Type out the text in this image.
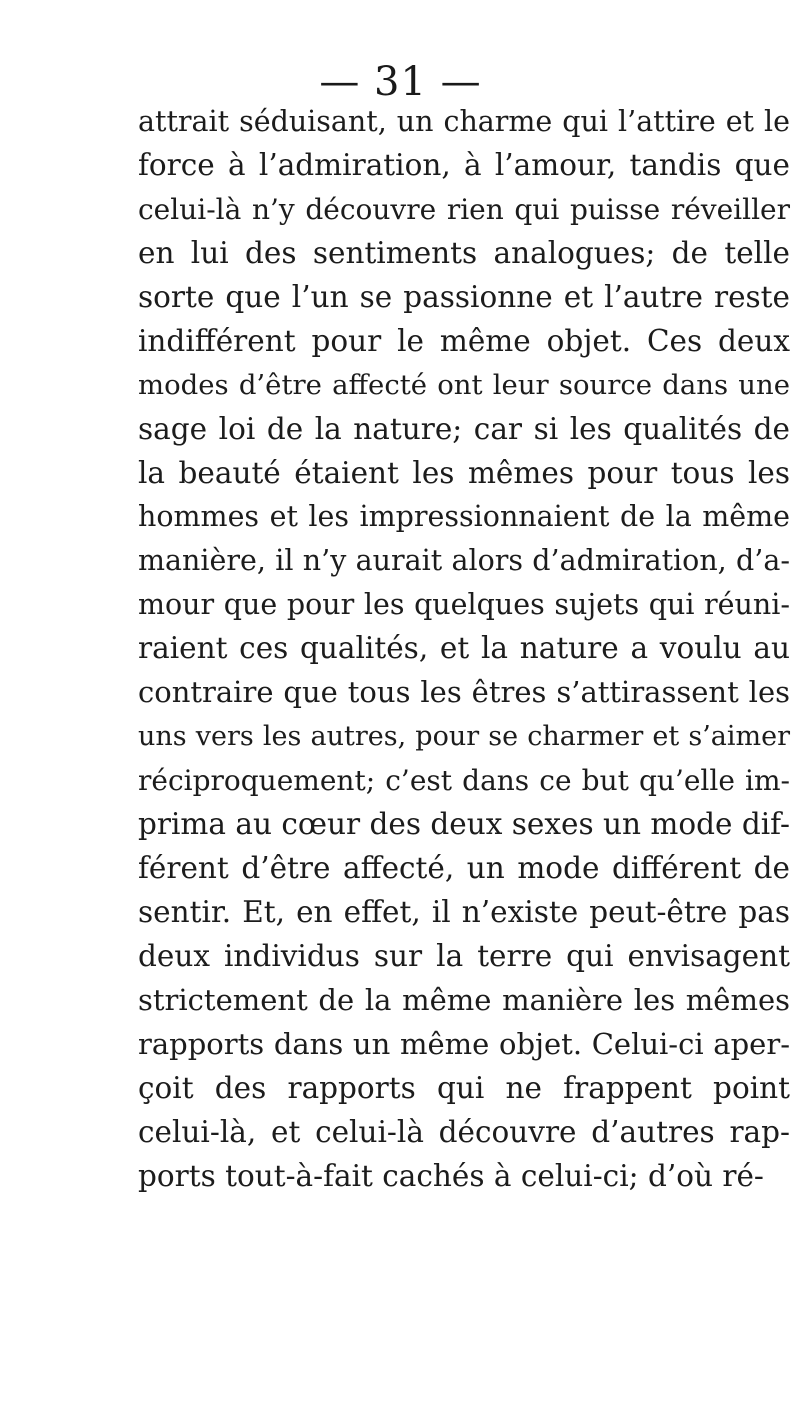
— 31 —
attrait séduisant, un charme qui l’attire et le
force à l’admiration, à l’amour, tandis que
celui-là n’y découvre rien qui puisse réveiller
en lui des sentiments analogues; de telle
sorte que l’un se passionne et l’autre reste
indifférent pour le même objet. Ces deux
modes d’être affecté ont leur source dans une
sage loi de la nature; car si les qualités de
la beauté étaient les mêmes pour tous les
hommes et les impressionnaient de la même
manière, il n’y aurait alors d’admiration, d’a-
mour que pour les quelques sujets qui réuni-
raient ces qualités, et la nature a voulu au
contraire que tous les êtres s’attirassent les
uns vers les autres, pour se charmer et s’aimer
réciproquement; c’est dans ce but qu’elle im-
prima au cœur des deux sexes un mode dif-
férent d’être affecté, un mode différent de
sentir. Et, en effet, il n’existe peut-être pas
deux individus sur la terre qui envisagent
strictement de la même manière les mêmes
rapports dans un même objet. Celui-ci aper-
çoit des rapports qui ne frappent point
celui-là, et celui-là découvre d’autres rap-
ports tout-à-fait cachés à celui-ci; d’où ré-
